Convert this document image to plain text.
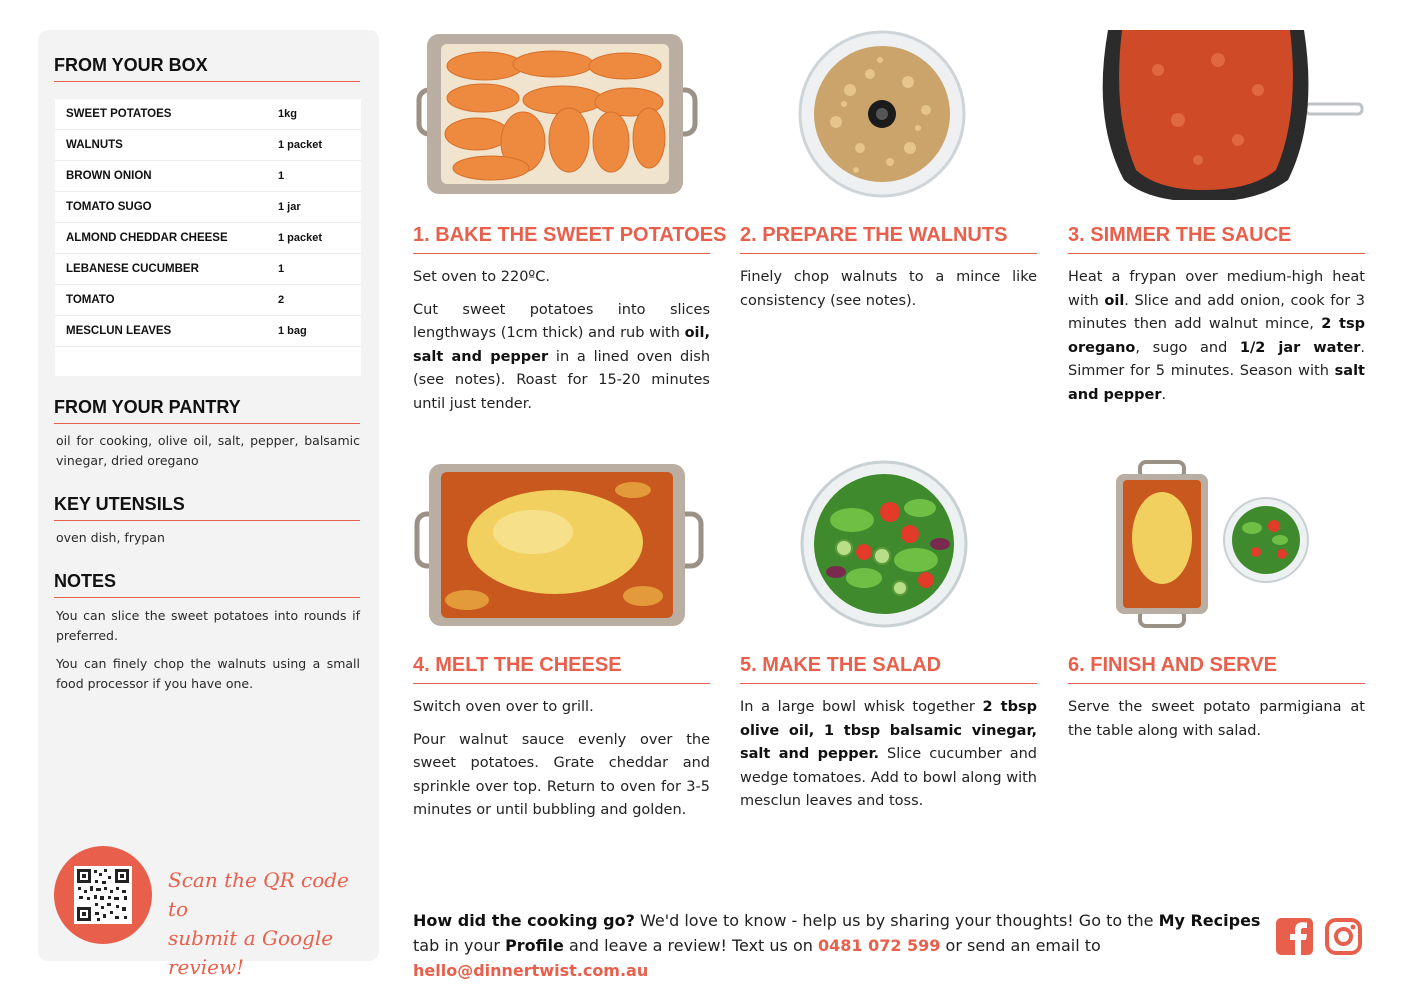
FROM YOUR BOX
SWEET POTATOES	1kg
WALNUTS	1 packet
BROWN ONION	1
TOMATO SUGO	1 jar
ALMOND CHEDDAR CHEESE	1 packet
LEBANESE CUCUMBER	1
TOMATO	2
MESCLUN LEAVES	1 bag
FROM YOUR PANTRY

oil for cooking, olive oil, salt, pepper, balsamic vinegar, dried oregano

KEY UTENSILS

oven dish, frypan

NOTES

You can slice the sweet potatoes into rounds if preferred.

You can finely chop the walnuts using a small food processor if you have one.

Scan the QR code to
submit a Google review!
1. BAKE THE SWEET POTATOES 2. PREPARE THE WALNUTS	3. SIMMER THE SAUCE
4. MELT THE CHEESE	5. MAKE THE SALAD	6. FINISH AND SERVE

Set oven to 220ºC.

Cut sweet potatoes into slices lengthways (1cm thick) and rub with oil, salt and pepper in a lined oven dish (see notes). Roast for 15-20 minutes until just tender.

Finely chop walnuts to a mince like consistency (see notes).

Heat a frypan over medium-high heat with oil. Slice and add onion, cook for 3 minutes then add walnut mince, 2 tsp oregano, sugo and 1/2 jar water. Simmer for 5 minutes. Season with salt and pepper.

Switch oven over to grill.

Pour walnut sauce evenly over the sweet potatoes. Grate cheddar and sprinkle over top. Return to oven for 3-5 minutes or until bubbling and golden.

In a large bowl whisk together 2 tbsp olive oil, 1 tbsp balsamic vinegar, salt and pepper. Slice cucumber and wedge tomatoes. Add to bowl along with mesclun leaves and toss.

Serve the sweet potato parmigiana at the table along with salad.

How did the cooking go? We'd love to know - help us by sharing your thoughts! Go to the My Recipes tab in your Profile and leave a review! Text us on 0481 072 599 or send an email to hello@dinnertwist.com.au
